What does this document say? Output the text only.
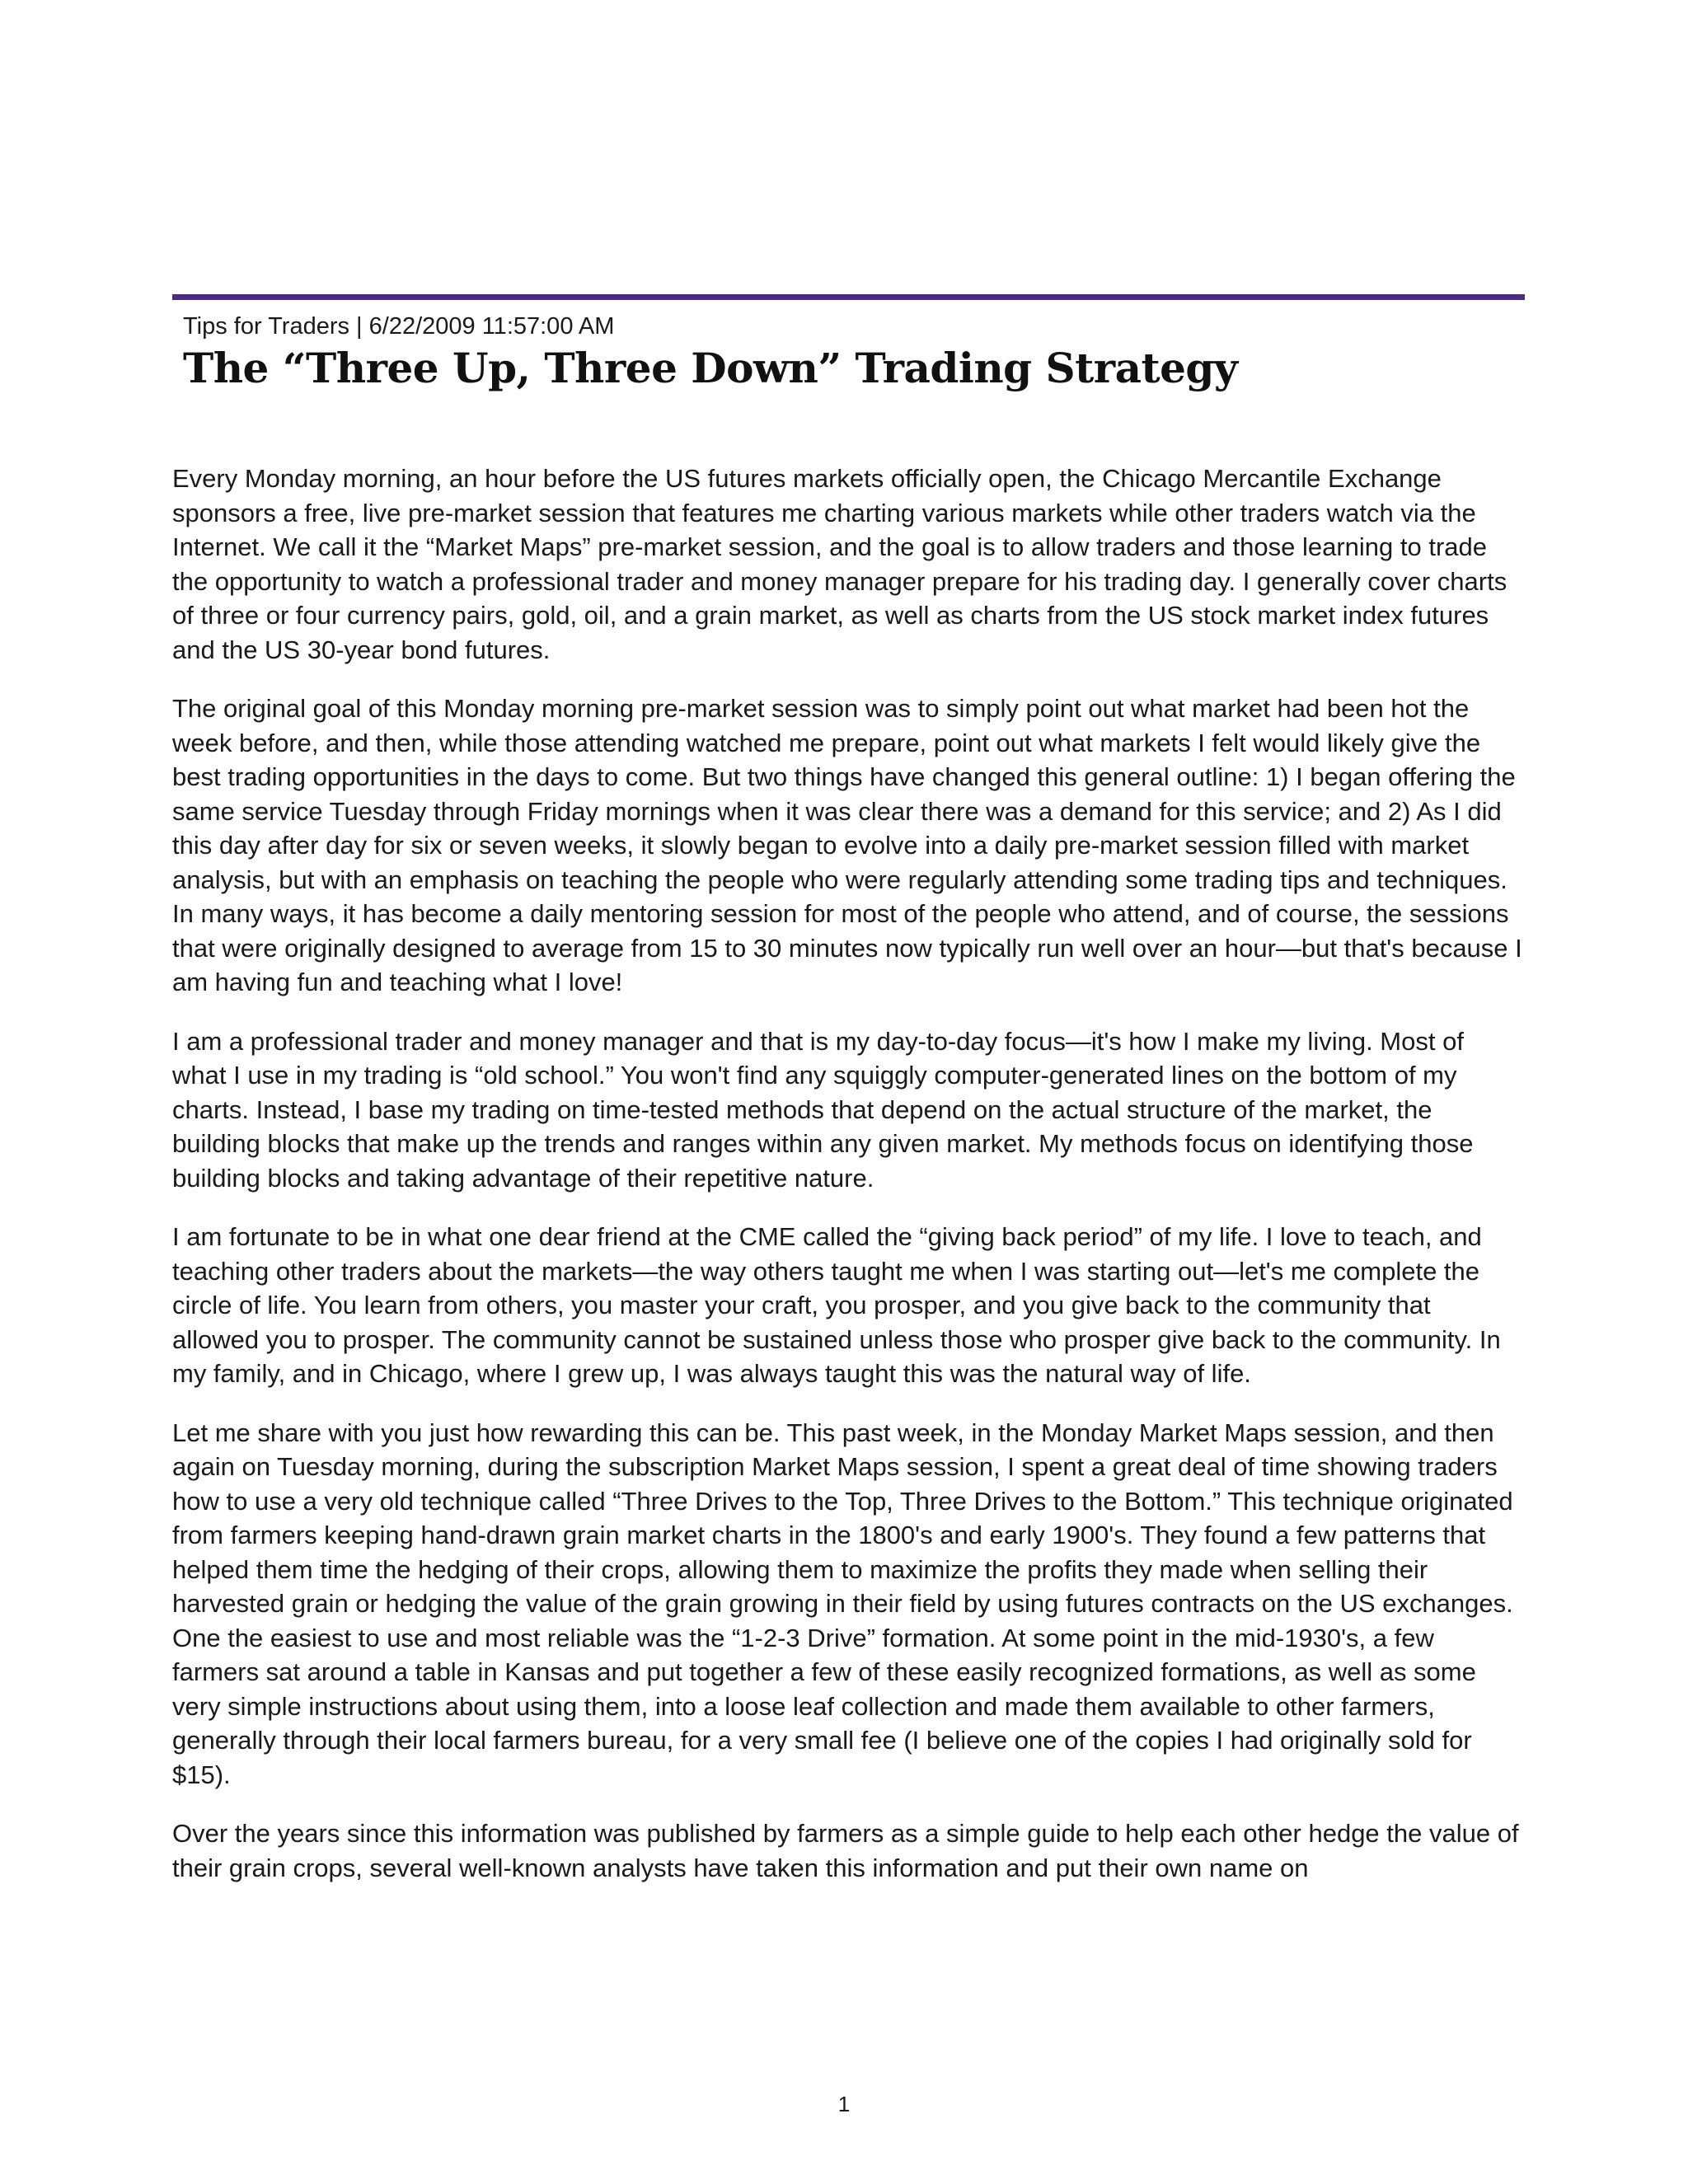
Tips for Traders | 6/22/2009 11:57:00 AM
The “Three Up, Three Down” Trading Strategy

Every Monday morning, an hour before the US futures markets officially open, the Chicago Mercantile Exchange sponsors a free, live pre-market session that features me charting various markets while other traders watch via the Internet. We call it the “Market Maps” pre-market session, and the goal is to allow traders and those learning to trade the opportunity to watch a professional trader and money manager prepare for his trading day. I generally cover charts of three or four currency pairs, gold, oil, and a grain market, as well as charts from the US stock market index futures and the US 30-year bond futures.

The original goal of this Monday morning pre-market session was to simply point out what market had been hot the week before, and then, while those attending watched me prepare, point out what markets I felt would likely give the best trading opportunities in the days to come. But two things have changed this general outline: 1) I began offering the same service Tuesday through Friday mornings when it was clear there was a demand for this service; and 2) As I did this day after day for six or seven weeks, it slowly began to evolve into a daily pre-market session filled with market analysis, but with an emphasis on teaching the people who were regularly attending some trading tips and techniques. In many ways, it has become a daily mentoring session for most of the people who attend, and of course, the sessions that were originally designed to average from 15 to 30 minutes now typically run well over an hour—but that's because I am having fun and teaching what I love!

I am a professional trader and money manager and that is my day-to-day focus—it's how I make my living. Most of what I use in my trading is “old school.” You won't find any squiggly computer-generated lines on the bottom of my charts. Instead, I base my trading on time-tested methods that depend on the actual structure of the market, the building blocks that make up the trends and ranges within any given market. My methods focus on identifying those building blocks and taking advantage of their repetitive nature.

I am fortunate to be in what one dear friend at the CME called the “giving back period” of my life. I love to teach, and teaching other traders about the markets—the way others taught me when I was starting out—let's me complete the circle of life. You learn from others, you master your craft, you prosper, and you give back to the community that allowed you to prosper. The community cannot be sustained unless those who prosper give back to the community. In my family, and in Chicago, where I grew up, I was always taught this was the natural way of life.

Let me share with you just how rewarding this can be. This past week, in the Monday Market Maps session, and then again on Tuesday morning, during the subscription Market Maps session, I spent a great deal of time showing traders how to use a very old technique called “Three Drives to the Top, Three Drives to the Bottom.” This technique originated from farmers keeping hand-drawn grain market charts in the 1800's and early 1900's. They found a few patterns that helped them time the hedging of their crops, allowing them to maximize the profits they made when selling their harvested grain or hedging the value of the grain growing in their field by using futures contracts on the US exchanges. One the easiest to use and most reliable was the “1-2-3 Drive” formation. At some point in the mid-1930's, a few farmers sat around a table in Kansas and put together a few of these easily recognized formations, as well as some very simple instructions about using them, into a loose leaf collection and made them available to other farmers, generally through their local farmers bureau, for a very small fee (I believe one of the copies I had originally sold for $15).

Over the years since this information was published by farmers as a simple guide to help each other hedge the value of their grain crops, several well-known analysts have taken this information and put their own name on

1
